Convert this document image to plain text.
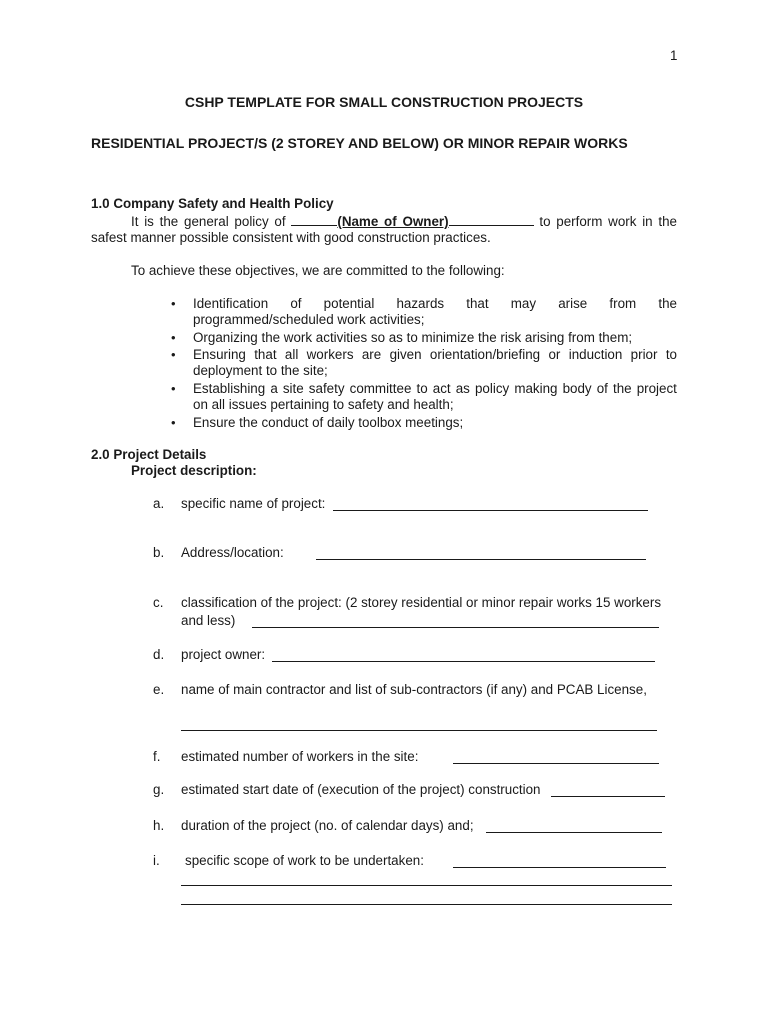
1
CSHP TEMPLATE FOR SMALL CONSTRUCTION PROJECTS
RESIDENTIAL PROJECT/S (2 STOREY AND BELOW) OR MINOR REPAIR WORKS
1.0 Company Safety and Health Policy
It is the general policy of	(Name of Owner)	to perform work in the
safest manner possible consistent with good construction practices.
To achieve these objectives, we are committed to the following:
• Identification of potential hazards that may arise from the
programmed/scheduled work activities;
• Organizing the work activities so as to minimize the risk arising from them;
• Ensuring that all workers are given orientation/briefing or induction prior to
deployment to the site;
• Establishing a site safety committee to act as policy making body of the project
on all issues pertaining to safety and health;
• Ensure the conduct of daily toolbox meetings;
2.0 Project Details
Project description:
a. specific name of project:
b. Address/location:
c. classification of the project: (2 storey residential or minor repair works 15 workers
and less)
d. project owner:
e. name of main contractor and list of sub-contractors (if any) and PCAB License,
f. estimated number of workers in the site:
g. estimated start date of (execution of the project) construction
h. duration of the project (no. of calendar days) and;
i. specific scope of work to be undertaken:
